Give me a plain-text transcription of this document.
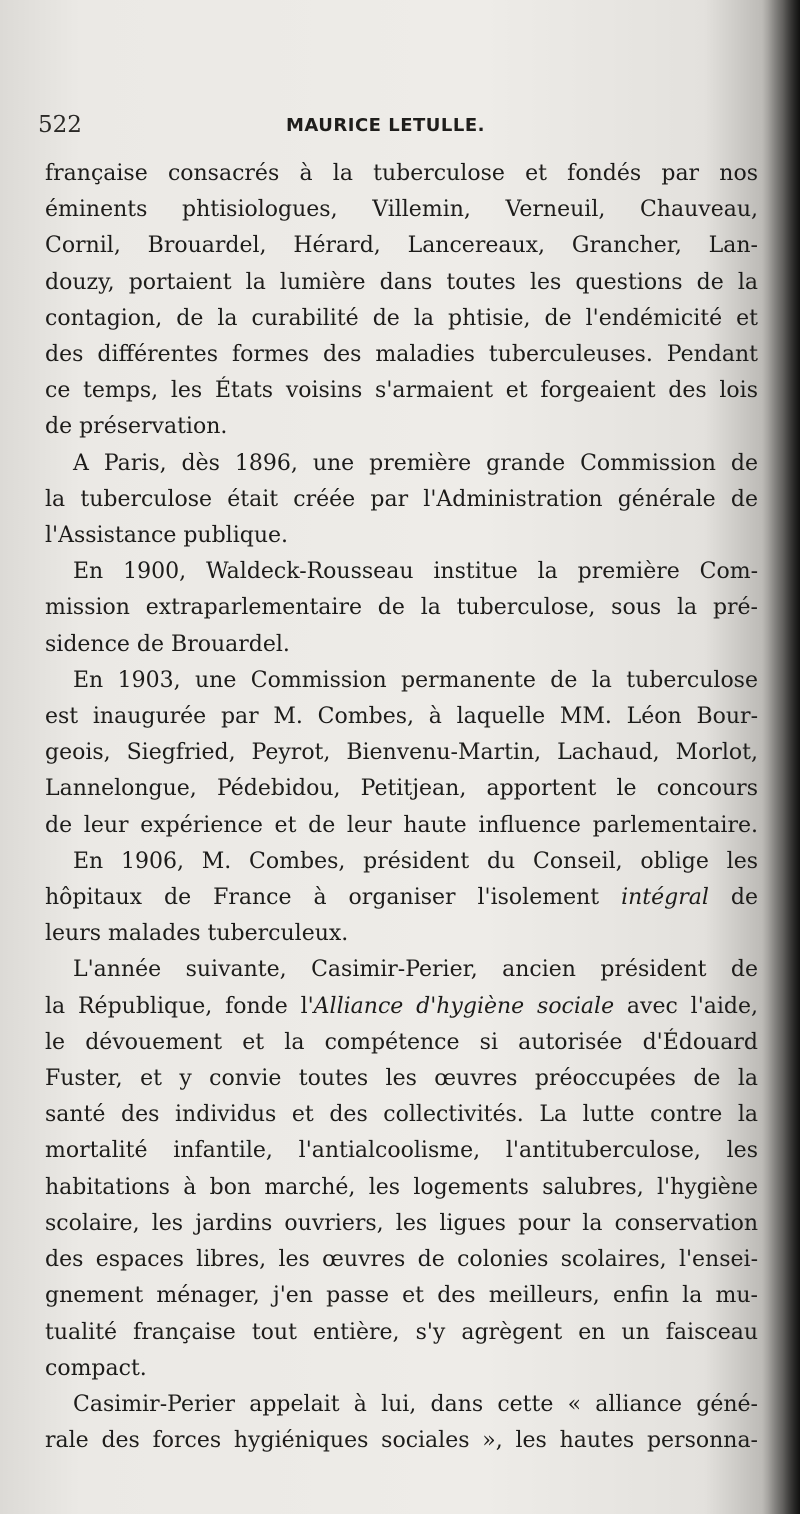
522	MAURICE LETULLE.
française consacrés à la tuberculose et fondés par nos
éminents phtisiologues, Villemin, Verneuil, Chauveau,
Cornil, Brouardel, Hérard, Lancereaux, Grancher, Lan-
douzy, portaient la lumière dans toutes les questions de la
contagion, de la curabilité de la phtisie, de l'endémicité et
des différentes formes des maladies tuberculeuses. Pendant
ce temps, les États voisins s'armaient et forgeaient des lois
de préservation.
A Paris, dès 1896, une première grande Commission de
la tuberculose était créée par l'Administration générale de
l'Assistance publique.
En 1900, Waldeck-Rousseau institue la première Com-
mission extraparlementaire de la tuberculose, sous la pré-
sidence de Brouardel.
En 1903, une Commission permanente de la tuberculose
est inaugurée par M. Combes, à laquelle MM. Léon Bour-
geois, Siegfried, Peyrot, Bienvenu-Martin, Lachaud, Morlot,
Lannelongue, Pédebidou, Petitjean, apportent le concours
de leur expérience et de leur haute influence parlementaire.
En 1906, M. Combes, président du Conseil, oblige les
hôpitaux de France à organiser l'isolement intégral de
leurs malades tuberculeux.
L'année suivante, Casimir-Perier, ancien président de
la République, fonde l'Alliance d'hygiène sociale avec l'aide,
le dévouement et la compétence si autorisée d'Édouard
Fuster, et y convie toutes les œuvres préoccupées de la
santé des individus et des collectivités. La lutte contre la
mortalité infantile, l'antialcoolisme, l'antituberculose, les
habitations à bon marché, les logements salubres, l'hygiène
scolaire, les jardins ouvriers, les ligues pour la conservation
des espaces libres, les œuvres de colonies scolaires, l'ensei-
gnement ménager, j'en passe et des meilleurs, enfin la mu-
tualité française tout entière, s'y agrègent en un faisceau
compact.
Casimir-Perier appelait à lui, dans cette « alliance géné-
rale des forces hygiéniques sociales », les hautes personna-
